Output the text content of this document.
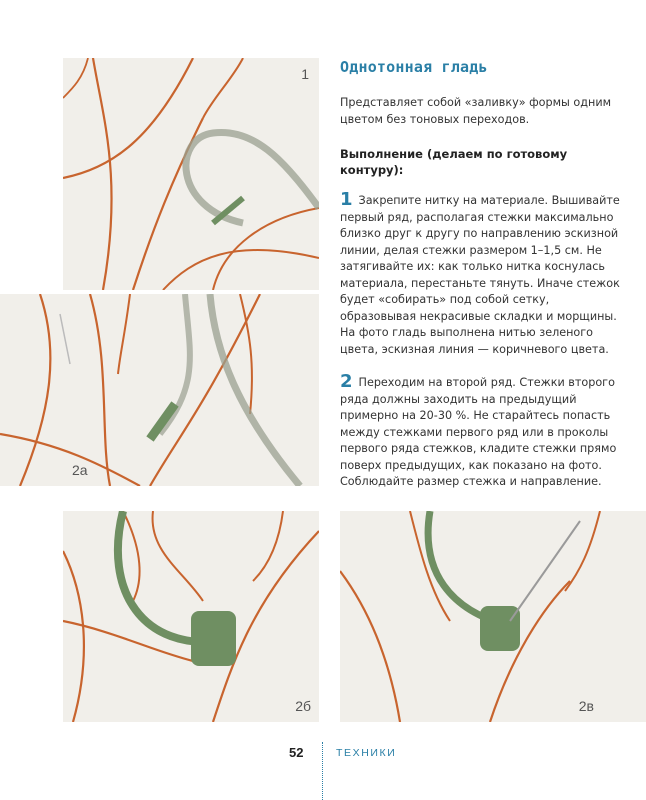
1
2а
2б	2в
Однотонная гладь

Представляет собой «заливку» формы одним цветом без тоновых переходов.

Выполнение (делаем по готовому контуру):

1 Закрепите нитку на материале. Вышивайте первый ряд, располагая стежки максимально близко друг к другу по направлению эскизной линии, делая стежки размером 1–1,5 см. Не затягивайте их: как только нитка коснулась материала, перестаньте тянуть. Иначе стежок будет «собирать» под собой сетку, образовывая некрасивые складки и морщины. На фото гладь выполнена нитью зеленого цвета, эскизная линия — коричневого цвета.

2 Переходим на второй ряд. Стежки второго ряда должны заходить на предыдущий примерно на 20-30 %. Не старайтесь попасть между стежками первого ряд или в проколы первого ряда стежков, кладите стежки прямо поверх предыдущих, как показано на фото. Соблюдайте размер стежка и направление.

52	ТЕХНИКИ
